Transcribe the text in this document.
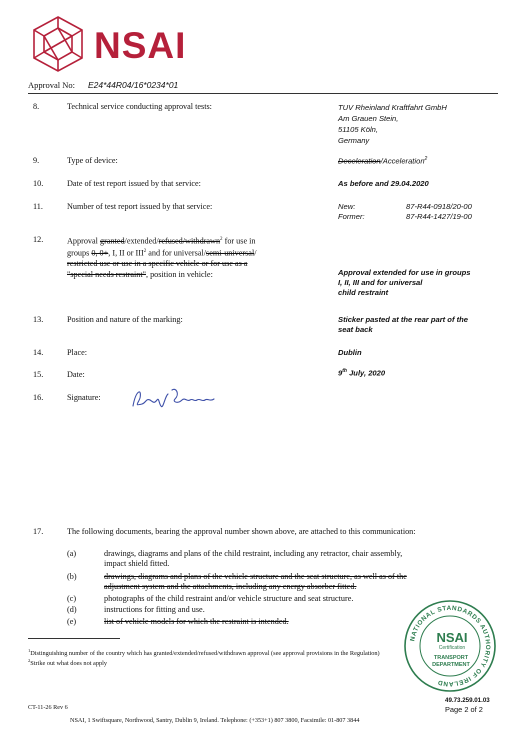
NSAI
Approval No: E24*44R04/16*0234*01
8.	Technical service conducting approval tests:	TUV Rheinland Kraftfahrt GmbH
Am Grauen Stein,
51105 Köln,
Germany
9.	Type of device:	Deceleration/Acceleration$^2$
10.	Date of test report issued by that service:	As before and 29.04.2020
11.	Number of test report issued by that service:	New:	87-R44-0918/20-00
Former:	87-R44-1427/19-00
12.	Approval granted/extended/refused/withdrawn$^2$ for use in
groups 0, 0+, I, II or III$^2$ and for universal/semi-universal/
restricted use or use in a specific vehicle or for use as a
"special needs restraint", position in vehicle:	Approval extended for use in groups
I, II, III and for universal
child restraint
13.	Position and nature of the marking:	Sticker pasted at the rear part of the
seat back
14.	Place:	Dublin
15.	Date:	9th July, 2020
16.	Signature:
17.	The following documents, bearing the approval number shown above, are attached to this communication:
(a)	drawings, diagrams and plans of the child restraint, including any retractor, chair assembly,
impact shield fitted.
(b)	drawings, diagrams and plans of the vehicle structure and the seat structure, as well as of the
adjustment system and the attachments, including any energy absorber fitted.
(c)	photographs of the child restraint and/or vehicle structure and seat structure.
(d)	instructions for fitting and use.
(e)	list of vehicle models for which the restraint is intended.
$^1$Distinguishing number of the country which has granted/extended/refused/withdrawn approval (see approval provisions in the Regulation)
$^2$Strike out what does not apply
NATIONAL STANDARDS AUTHORITY OF IRELAND
NSAI
Certification
TRANSPORT
DEPARTMENT
49.73.259.01.03
Page 2 of 2
CT-11-26 Rev 6
NSAI, 1 Swiftsquare, Northwood, Santry, Dublin 9, Ireland. Telephone: (+353+1) 807 3800, Facsimile: 01-807 3844
